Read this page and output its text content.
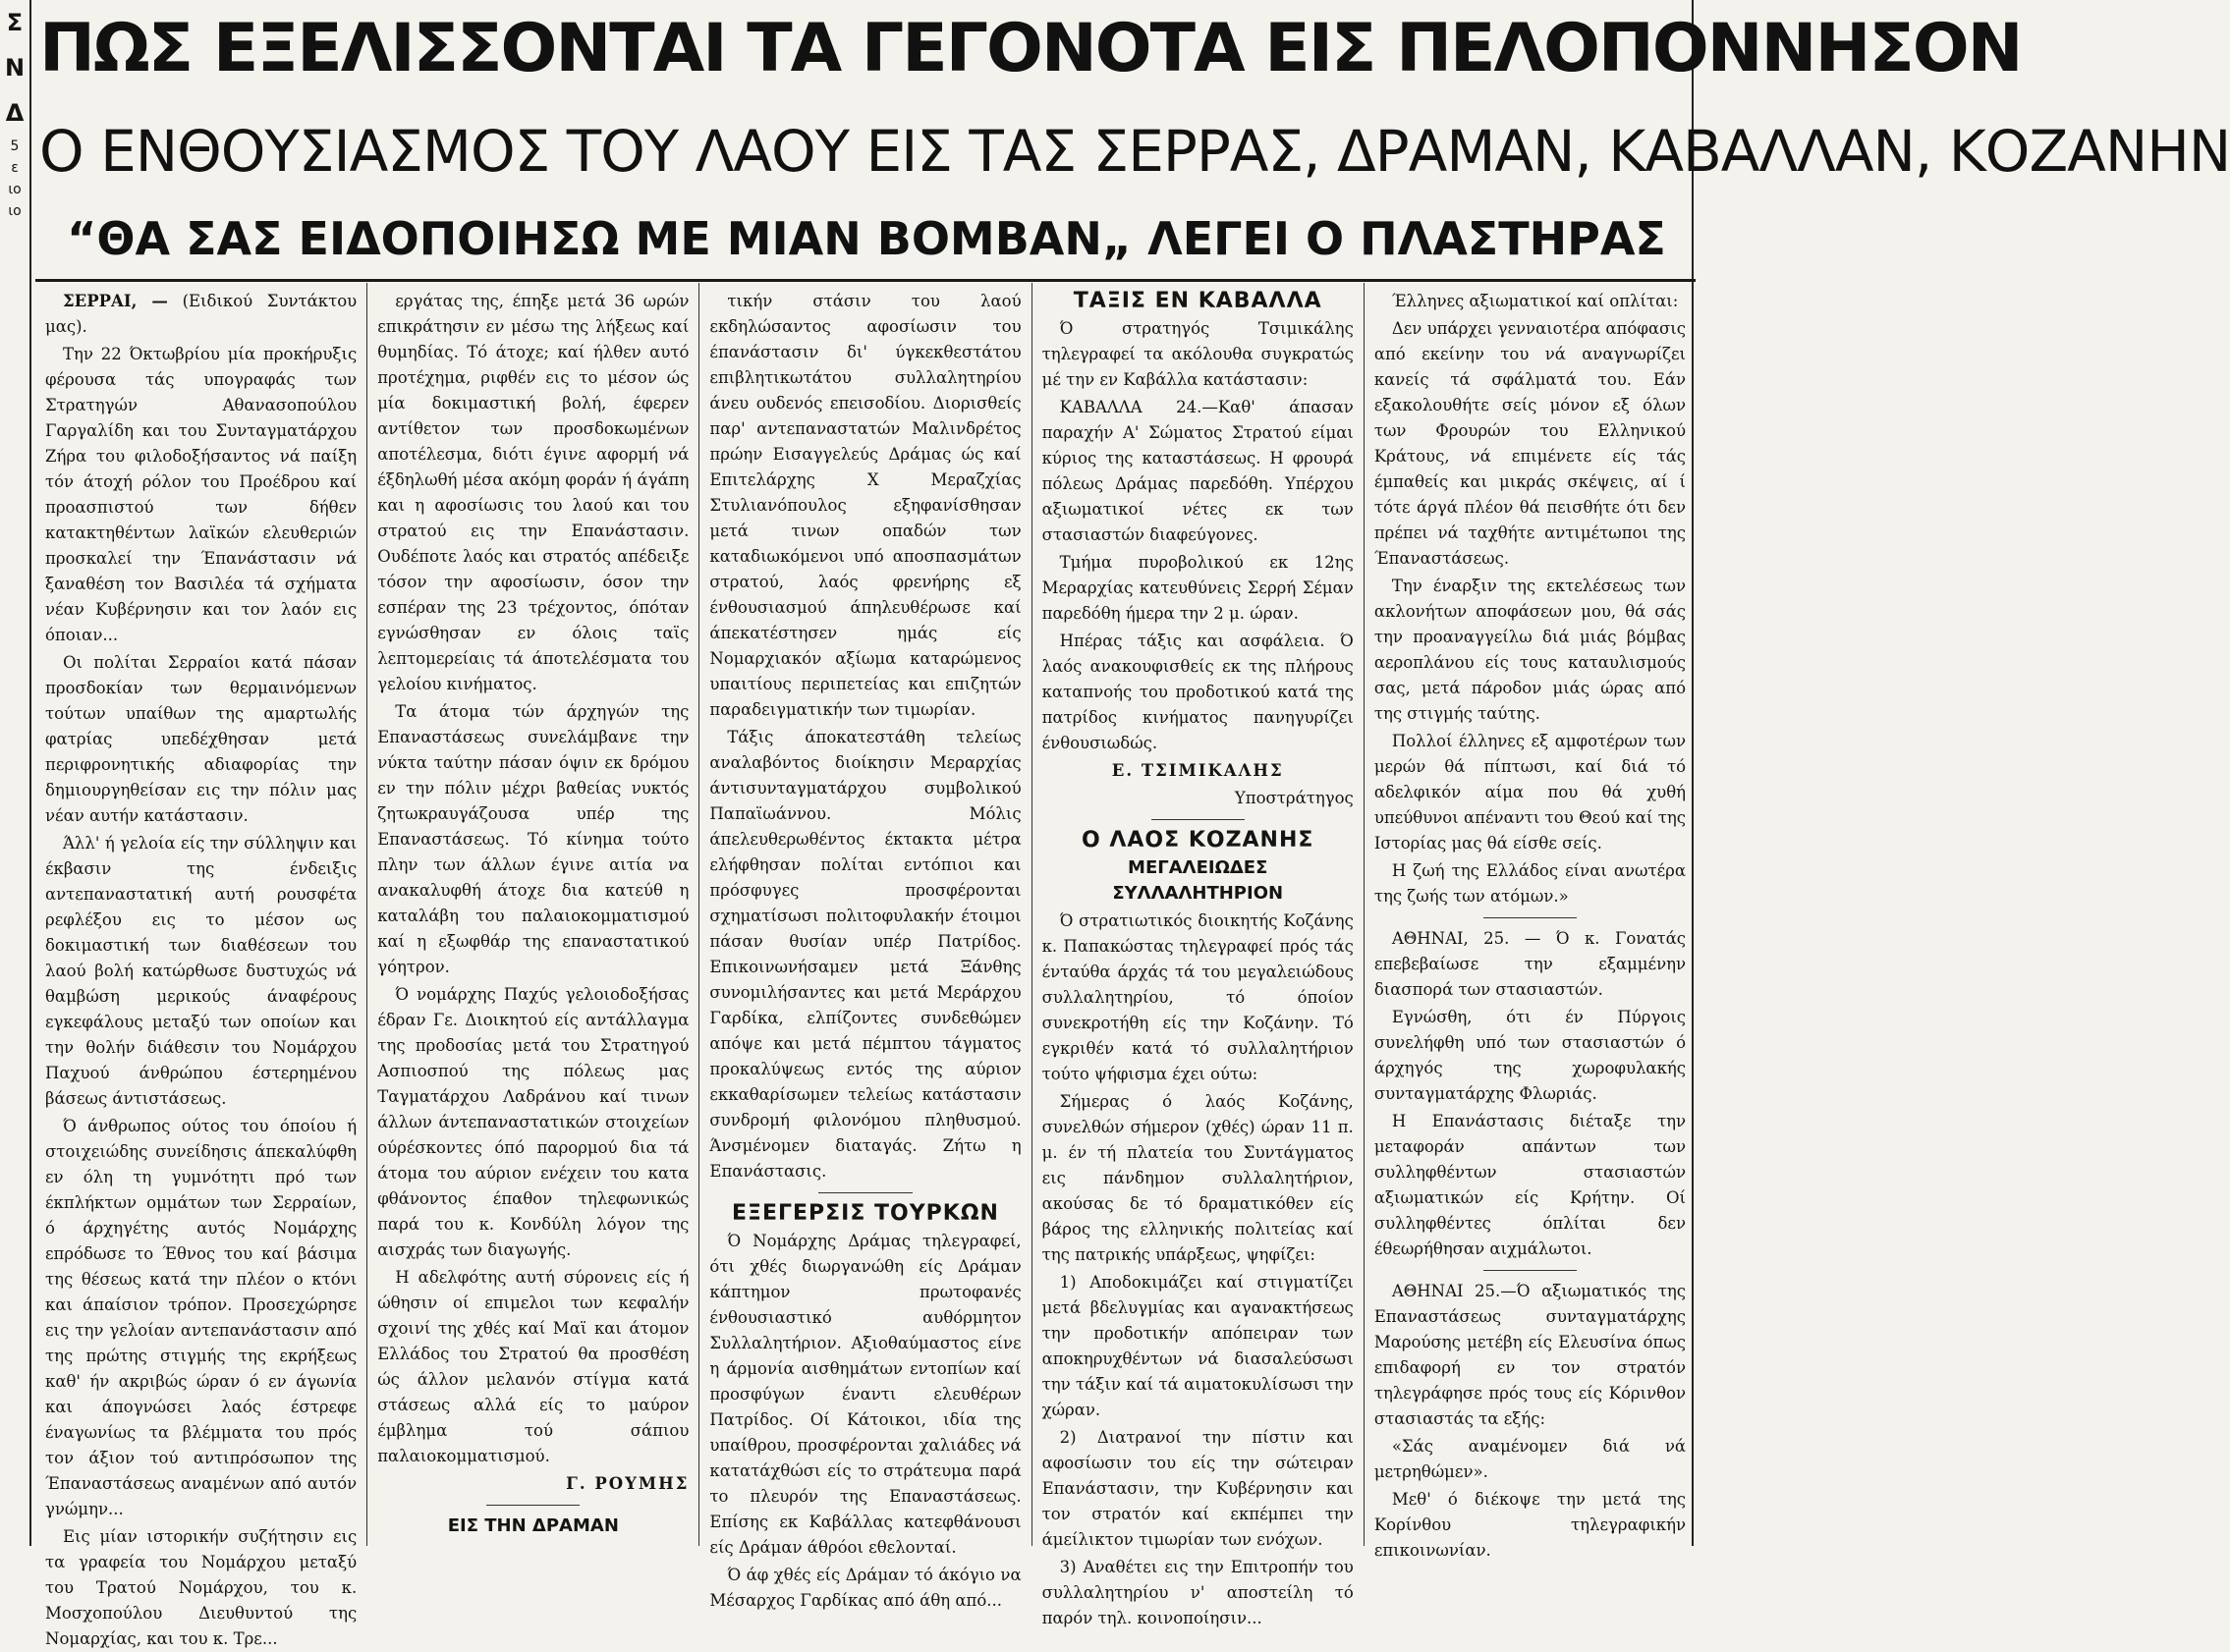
Σ
Ν
Δ
5
ε
ιο
ιο
ΠΩΣ ΕΞΕΛΙΣΣΟΝΤΑΙ ΤΑ ΓΕΓΟΝΟΤΑ ΕΙΣ ΠΕΛΟΠΟΝΝΗΣΟΝ
Ο ΕΝΘΟΥΣΙΑΣΜΟΣ ΤΟΥ ΛΑΟΥ ΕΙΣ ΤΑΣ ΣΕΡΡΑΣ, ΔΡΑΜΑΝ, ΚΑΒΑΛΛΑΝ, ΚΟΖΑΝΗΝ
“ΘΑ ΣΑΣ ΕΙΔΟΠΟΙΗΣΩ ΜΕ ΜΙΑΝ ΒΟΜΒΑΝ„ ΛΕΓΕΙ Ο ΠΛΑΣΤΗΡΑΣ

ΣΕΡΡΑΙ, — (Ειδικού Συντάκτου μας).

Την 22 Όκτωβρίου μία προκήρυξις φέρουσα τάς υπογραφάς των Στρατηγών Αθανασοπούλου Γαργαλίδη και του Συνταγματάρχου Ζήρα του φιλοδοξήσαντος νά παίξη τόν άτοχή ρόλον του Προέδρου καί προασπιστού των δήθεν κατακτηθέντων λαϊκών ελευθεριών προσκαλεί την Έπανάστασιν νά ξαναθέση τον Βασιλέα τά σχήματα νέαν Κυβέρνησιν και τον λαόν εις όποιαν...

Οι πολίται Σερραίοι κατά πάσαν προσδοκίαν των θερμαινόμενων τούτων υπαίθων της αμαρτωλής φατρίας υπεδέχθησαν μετά περιφρονητικής αδιαφορίας την δημιουργηθείσαν εις την πόλιν μας νέαν αυτήν κατάστασιν.

Άλλ' ή γελοία είς την σύλληψιν και έκβασιν της ένδειξις αντεπαναστατική αυτή ρουσφέτα ρεφλέξου εις το μέσον ως δοκιμαστική των διαθέσεων του λαού βολή κατώρθωσε δυστυχώς νά θαμβώση μερικούς άναφέρους εγκεφάλους μεταξύ των οποίων και την θολήν διάθεσιν του Νομάρχου Παχυού άνθρώπου έστερημένου βάσεως άντιστάσεως.

Ό άνθρωπος ούτος του όποίου ή στοιχειώδης συνείδησις άπεκαλύφθη εν όλη τη γυμνότητι πρό των έκπλήκτων ομμάτων των Σερραίων, ό άρχηγέτης αυτός Νομάρχης επρόδωσε το Έθνος του καί βάσιμα της θέσεως κατά την πλέον ο κτόνι και άπαίσιον τρόπον. Προσεχώρησε εις την γελοίαν αντεπανάστασιν από της πρώτης στιγμής της εκρήξεως καθ' ήν ακριβώς ώραν ό εν άγωνία και άπογνώσει λαός έστρεφε έναγωνίως τα βλέμματα του πρός τον άξιον τού αντιπρόσωπον της Έπαναστάσεως αναμένων από αυτόν γνώμην...

Εις μίαν ιστορικήν συζήτησιν εις τα γραφεία του Νομάρχου μεταξύ του Τρατού Νομάρχου, του κ. Μοσχοπούλου Διευθυντού της Νομαρχίας, και του κ. Τρε...

εργάτας της, έπηξε μετά 36 ωρών επικράτησιν εν μέσω της λήξεως καί θυμηδίας. Τό άτοχε; καί ήλθεν αυτό προτέχημα, ριφθέν εις το μέσον ώς μία δοκιμαστική βολή, έφερεν αντίθετον των προσδοκωμένων αποτέλεσμα, διότι έγινε αφορμή νά έξδηλωθή μέσα ακόμη φοράν ή άγάπη και η αφοσίωσις του λαού και του στρατού εις την Επανάστασιν. Ουδέποτε λαός και στρατός απέδειξε τόσον την αφοσίωσιν, όσον την εσπέραν της 23 τρέχοντος, όπόταν εγνώσθησαν εν όλοις ταϊς λεπτομερείαις τά άποτελέσματα του γελοίου κινήματος.

Τα άτομα τών άρχηγών της Επαναστάσεως συνελάμβανε την νύκτα ταύτην πάσαν όψιν εκ δρόμου εν την πόλιν μέχρι βαθείας νυκτός ζητωκραυγάζουσα υπέρ της Επαναστάσεως. Τό κίνημα τούτο πλην των άλλων έγινε αιτία να ανακαλυφθή άτοχε δια κατεύθ η καταλάβη του παλαιοκομματισμού καί η εξωφθάρ της επαναστατικού γόητρον.

Ό νομάρχης Παχύς γελοιοδοξήσας έδραν Γε. Διοικητού είς αντάλλαγμα της προδοσίας μετά του Στρατηγού Ασπιοσπού της πόλεως μας Ταγματάρχου Λαδράνου καί τινων άλλων άντεπαναστατικών στοιχείων ούρέσκοντες όπό παρορμού δια τά άτομα του αύριον ενέχειν του κατα φθάνοντος έπαθον τηλεφωνικώς παρά του κ. Κονδύλη λόγον της αισχράς των διαγωγής.

Η αδελφότης αυτή σύρονεις είς ή ώθησιν οί επιμελοι των κεφαλήν σχοινί της χθές καί Μαϊ και άτομον Ελλάδος του Στρατού θα προσθέση ώς άλλον μελανόν στίγμα κατά στάσεως αλλά είς το μαύρον έμβλημα τού σάπιου παλαιοκομματισμού.

Γ. ΡΟΥΜΗΣ

ΕΙΣ ΤΗΝ ΔΡΑΜΑΝ

τικήν στάσιν του λαού εκδηλώσαντος αφοσίωσιν του έπανάστασιν δι' ύγκεκθεστάτου επιβλητικωτάτου συλλαλητηρίου άνευ ουδενός επεισοδίου. Διορισθείς παρ' αντεπαναστατών Μαλινδρέτος πρώην Εισαγγελεύς Δράμας ώς καί Επιτελάρχης Χ Μεραζχίας Στυλιανόπουλος εξηφανίσθησαν μετά τινων οπαδών των καταδιωκόμενοι υπό αποσπασμάτων στρατού, λαός φρενήρης εξ ένθουσιασμού άπηλευθέρωσε καί άπεκατέστησεν ημάς είς Νομαρχιακόν αξίωμα καταρώμενος υπαιτίους περιπετείας και επιζητών παραδειγματικήν των τιμωρίαν.

Τάξις άποκατεστάθη τελείως αναλαβόντος διοίκησιν Μεραρχίας άντισυνταγματάρχου συμβολικού Παπαϊωάννου. Μόλις άπελευθερωθέντος έκτακτα μέτρα ελήφθησαν πολίται εντόπιοι και πρόσφυγες προσφέρονται σχηματίσωσι πολιτοφυλακήν έτοιμοι πάσαν θυσίαν υπέρ Πατρίδος. Επικοινωνήσαμεν μετά Ξάνθης συνομιλήσαντες και μετά Μεράρχου Γαρδίκα, ελπίζοντες συνδεθώμεν απόψε και μετά πέμπτου τάγματος προκαλύψεως εντός της αύριον εκκαθαρίσωμεν τελείως κατάστασιν συνδρομή φιλονόμου πληθυσμού. Άνσμένομεν διαταγάς. Ζήτω η Επανάστασις.

ΕΞΕΓΕΡΣΙΣ ΤΟΥΡΚΩΝ

Ό Νομάρχης Δράμας τηλεγραφεί, ότι χθές διωργανώθη είς Δράμαν κάπτημον πρωτοφανές ένθουσιαστικό αυθόρμητον Συλλαλητήριον. Αξιοθαύμαστος είνε η άρμονία αισθημάτων εντοπίων καί προσφύγων έναντι ελευθέρων Πατρίδος. Οί Κάτοικοι, ιδία της υπαίθρου, προσφέρονται χαλιάδες νά κατατάχθώσι είς το στράτευμα παρά το πλευρόν της Επαναστάσεως. Επίσης εκ Καβάλλας κατεφθάνουσι είς Δράμαν άθρόοι εθελονταί.

Ό άφ χθές είς Δράμαν τό άκόγιο να Μέσαρχος Γαρδίκας από άθη από...

ΤΑΞΙΣ ΕΝ ΚΑΒΑΛΛΑ

Ό στρατηγός Τσιμικάλης τηλεγραφεί τα ακόλουθα συγκρατώς μέ την εν Καβάλλα κατάστασιν:

ΚΑΒΑΛΛΑ 24.—Καθ' άπασαν παραχήν Α' Σώματος Στρατού είμαι κύριος της καταστάσεως. Η φρουρά πόλεως Δράμας παρεδόθη. Υπέρχου αξιωματικοί νέτες εκ των στασιαστών διαφεύγονες.

Τμήμα πυροβολικού εκ 12ης Μεραρχίας κατευθύνεις Σερρή Σέμαν παρεδόθη ήμερα την 2 μ. ώραν.

Ηπέρας τάξις και ασφάλεια. Ό λαός ανακουφισθείς εκ της πλήρους καταπνοής του προδοτικού κατά της πατρίδος κινήματος πανηγυρίζει ένθουσιωδώς.

Ε. ΤΣΙΜΙΚΑΛΗΣ

Υποστράτηγος

Ο ΛΑΟΣ ΚΟΖΑΝΗΣ

ΜΕΓΑΛΕΙΩΔΕΣ ΣΥΛΛΑΛΗΤΗΡΙΟΝ

Ό στρατιωτικός διοικητής Κοζάνης κ. Παπακώστας τηλεγραφεί πρός τάς ένταύθα άρχάς τά του μεγαλειώδους συλλαλητηρίου, τό όποίον συνεκροτήθη είς την Κοζάνην. Τό εγκριθέν κατά τό συλλαλητήριον τούτο ψήφισμα έχει ούτω:

Σήμερας ό λαός Κοζάνης, συνελθών σήμερον (χθές) ώραν 11 π. μ. έν τή πλατεία του Συντάγματος εις πάνδημον συλλαλητήριον, ακούσας δε τό δραματικόθεν είς βάρος της ελληνικής πολιτείας καί της πατρικής υπάρξεως, ψηφίζει:

1) Αποδοκιμάζει καί στιγματίζει μετά βδελυγμίας και αγανακτήσεως την προδοτικήν απόπειραν των αποκηρυχθέντων νά διασαλεύσωσι την τάξιν καί τά αιματοκυλίσωσι την χώραν.

2) Διατρανοί την πίστιν και αφοσίωσιν του είς την σώτειραν Επανάστασιν, την Κυβέρνησιν και τον στρατόν καί εκπέμπει την άμείλικτον τιμωρίαν των ενόχων.

3) Αναθέτει εις την Επιτροπήν του συλλαλητηρίου ν' αποστείλη τό παρόν τηλ. κοινοποίησιν...

Έλληνες αξιωματικοί καί οπλίται:

Δεν υπάρχει γενναιοτέρα απόφασις από εκείνην του νά αναγνωρίζει κανείς τά σφάλματά του. Εάν εξακολουθήτε σείς μόνον εξ όλων των Φρουρών του Ελληνικού Κράτους, νά επιμένετε είς τάς έμπαθείς και μικράς σκέψεις, αί ί τότε άργά πλέον θά πεισθήτε ότι δεν πρέπει νά ταχθήτε αντιμέτωποι της Έπαναστάσεως.

Την έναρξιν της εκτελέσεως των ακλονήτων αποφάσεων μου, θά σάς την προαναγγείλω διά μιάς βόμβας αεροπλάνου είς τους καταυλισμούς σας, μετά πάροδον μιάς ώρας από της στιγμής ταύτης.

Πολλοί έλληνες εξ αμφοτέρων των μερών θά πίπτωσι, καί διά τό αδελφικόν αίμα που θά χυθή υπεύθυνοι απέναντι του Θεού καί της Ιστορίας μας θά είσθε σείς.

Η ζωή της Ελλάδος είναι ανωτέρα της ζωής των ατόμων.»

ΑΘΗΝΑΙ, 25. — Ό κ. Γονατάς επεβεβαίωσε την εξαμμένην διασπορά των στασιαστών.

Εγνώσθη, ότι έν Πύργοις συνελήφθη υπό των στασιαστών ό άρχηγός της χωροφυλακής συνταγματάρχης Φλωριάς.

Η Επανάστασις διέταξε την μεταφοράν απάντων των συλληφθέντων στασιαστών αξιωματικών είς Κρήτην. Οί συλληφθέντες όπλίται δεν έθεωρήθησαν αιχμάλωτοι.

ΑΘΗΝΑΙ 25.—Ό αξιωματικός της Επαναστάσεως συνταγματάρχης Μαρούσης μετέβη είς Ελευσίνα όπως επιδαφορή εν τον στρατόν τηλεγράφησε πρός τους είς Κόρινθον στασιαστάς τα εξής:

«Σάς αναμένομεν διά νά μετρηθώμεν».

Μεθ' ό διέκοψε την μετά της Κορίνθου τηλεγραφικήν επικοινωνίαν.
